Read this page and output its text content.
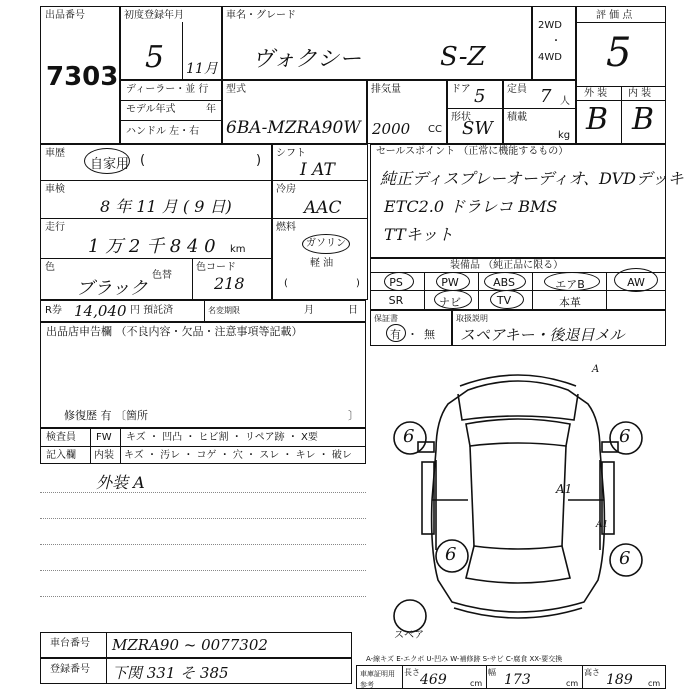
出品番号
7303
初度登録年月
5 11月
車名・グレード
ヴォクシー	S-Z
2WD
・
4WD
評 価 点
5
外 装 内 装
B B
ディーラー・並 行
モデル年式	年
ハンドル 左・右
型式
6BA-MZRA90W
排気量
2000 CC
ドア 5
形状
SW
定員 7 人
積載
kg
車歴
自家用 (	)
車検
8 年 11 月 ( 9 日)
走行
1 万 2 千 8 4 0 km
色
ブラック
色替
色コード
218
R券 14,040 円 預託済	名変期限	月	日
出品店申告欄 （不良内容・欠品・注意事項等記載）
修復歴 有 〔箇所	〕
検査員 FW キズ ・ 凹凸 ・ ヒビ割 ・ リペア跡 ・ X要
記入欄 内装 キズ ・ 汚レ ・ コゲ ・ 穴 ・ スレ ・ キレ ・ 破レ
外装 A
シフト
I AT
冷房
AAC
燃料
ガソリン
軽 油
(	)
セールスポイント （正常に機能するもの）
純正ディスプレーオーディオ、DVDデッキ
ETC2.0 ドラレコ BMS
TTキット
装備品 （純正品に限る）
PS	PW	ABS	エアB	AW
SR	ナビ	TV	本革
保証書
有・無
取扱説明
スペアキー・後退目メル
A
A1
A1
6	6
6	6
スペア
車台番号 MZRA90 ~ 0077302
登録番号 下関 331 そ 385
A-線キズ E-エクボ U-凹み W-補修跡 S-サビ C-腐食 XX-要交換
車庫証明用参考
長さ 469	cm
幅 173	cm
高さ 189 cm
